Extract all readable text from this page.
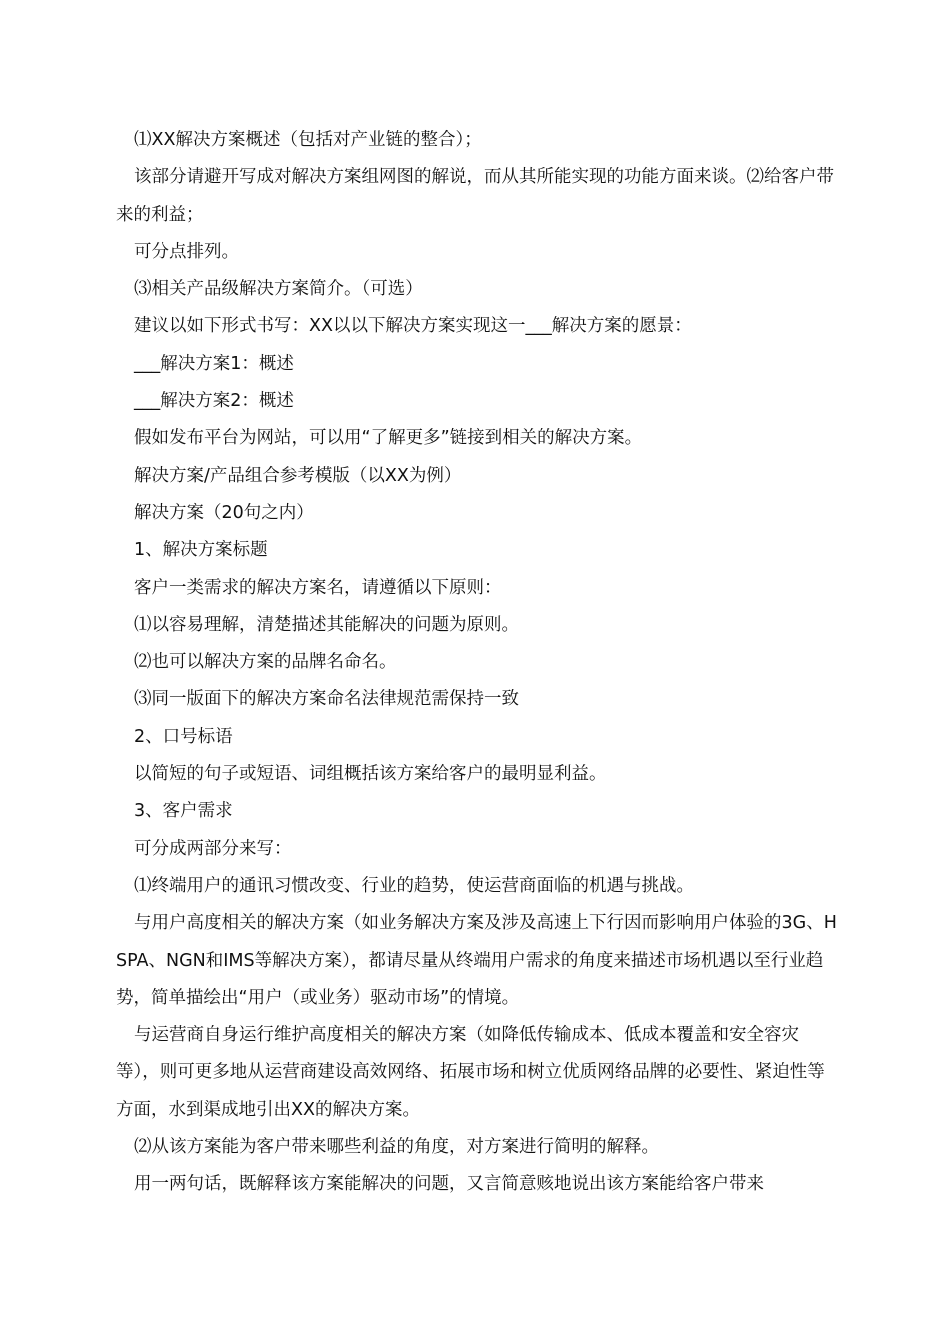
⑴XX解决方案概述（包括对产业链的整合）；

该部分请避开写成对解决方案组网图的解说，而从其所能实现的功能方面来谈。⑵给客户带来的利益；

可分点排列。

⑶相关产品级解决方案简介。（可选）

建议以如下形式书写：XX以以下解决方案实现这一___解决方案的愿景：

___解决方案1：概述

___解决方案2：概述

假如发布平台为网站，可以用“了解更多”链接到相关的解决方案。

解决方案/产品组合参考模版（以XX为例）

解决方案（20句之内）

1、解决方案标题

客户一类需求的解决方案名，请遵循以下原则：

⑴以容易理解，清楚描述其能解决的问题为原则。

⑵也可以解决方案的品牌名命名。

⑶同一版面下的解决方案命名法律规范需保持一致

2、口号标语

以简短的句子或短语、词组概括该方案给客户的最明显利益。

3、客户需求

可分成两部分来写：

⑴终端用户的通讯习惯改变、行业的趋势，使运营商面临的机遇与挑战。

与用户高度相关的解决方案（如业务解决方案及涉及高速上下行因而影响用户体验的3G、HSPA、NGN和IMS等解决方案），都请尽量从终端用户需求的角度来描述市场机遇以至行业趋势，简单描绘出“用户（或业务）驱动市场”的情境。

与运营商自身运行维护高度相关的解决方案（如降低传输成本、低成本覆盖和安全容灾等），则可更多地从运营商建设高效网络、拓展市场和树立优质网络品牌的必要性、紧迫性等方面，水到渠成地引出XX的解决方案。

⑵从该方案能为客户带来哪些利益的角度，对方案进行简明的解释。

用一两句话，既解释该方案能解决的问题，又言简意赅地说出该方案能给客户带来
